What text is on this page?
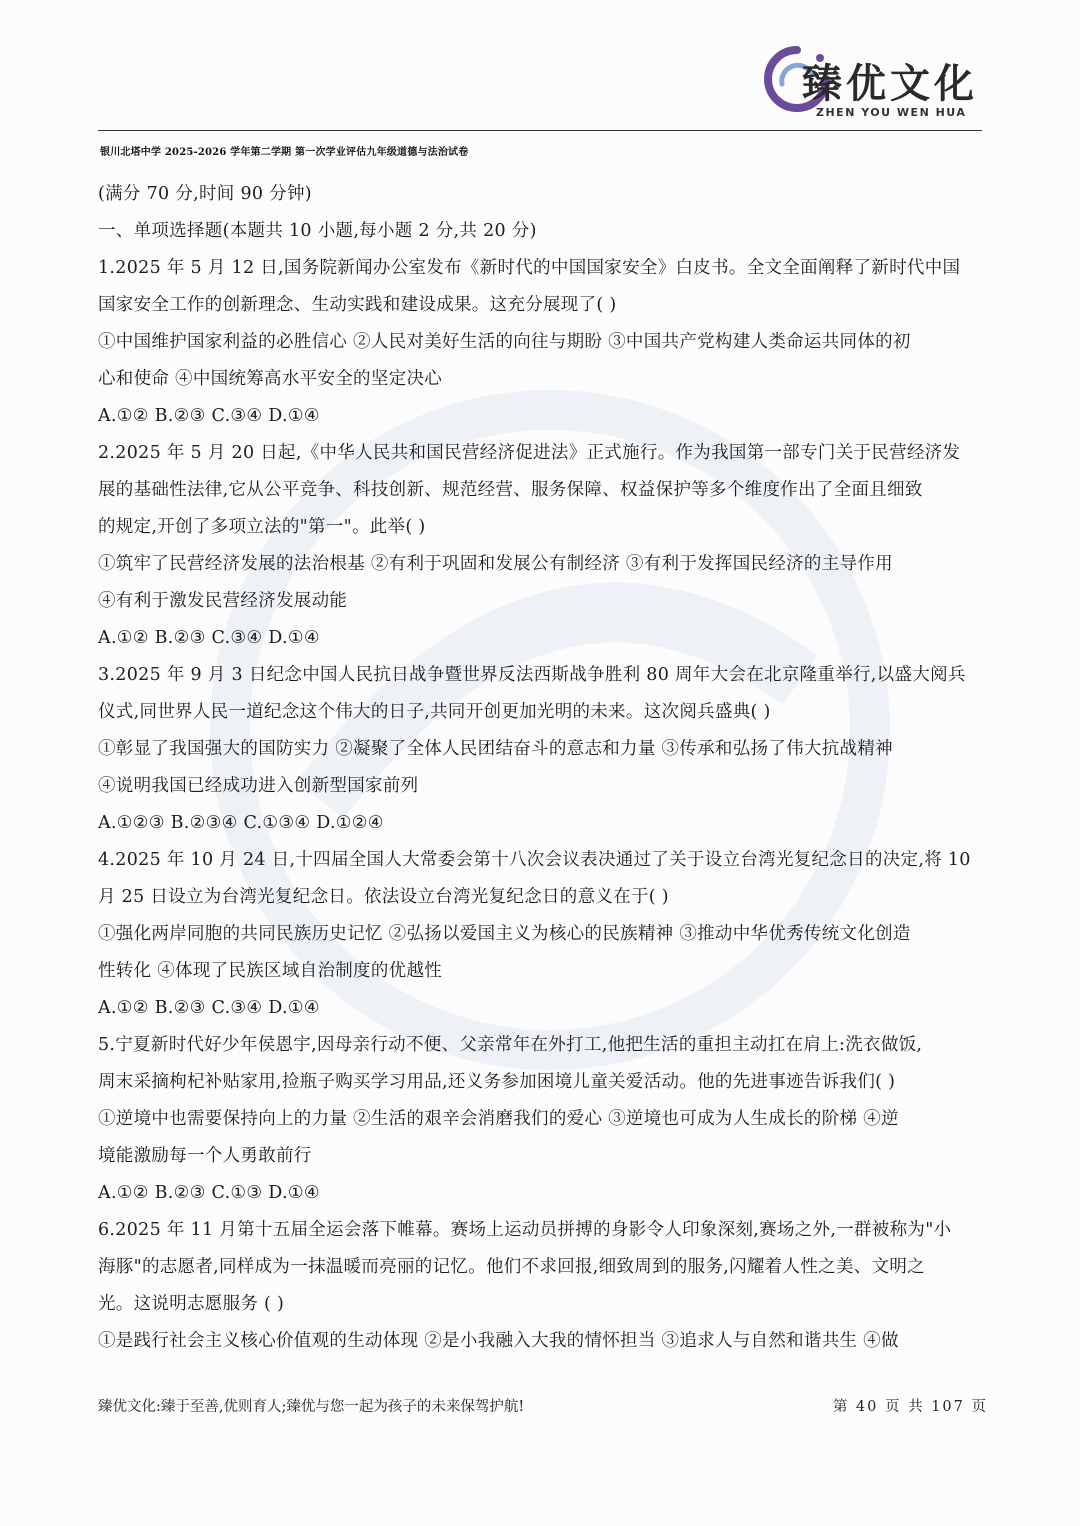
臻优文化
ZHEN YOU WEN HUA
银川北塔中学 2025-2026 学年第二学期 第一次学业评估九年级道德与法治试卷
(满分 70 分,时间 90 分钟)
一、单项选择题(本题共 10 小题,每小题 2 分,共 20 分)
1.2025 年 5 月 12 日,国务院新闻办公室发布《新时代的中国国家安全》白皮书。全文全面阐释了新时代中国
国家安全工作的创新理念、生动实践和建设成果。这充分展现了( )
①中国维护国家利益的必胜信心 ②人民对美好生活的向往与期盼 ③中国共产党构建人类命运共同体的初
心和使命 ④中国统筹高水平安全的坚定决心
A.①② B.②③ C.③④ D.①④
2.2025 年 5 月 20 日起,《中华人民共和国民营经济促进法》正式施行。作为我国第一部专门关于民营经济发
展的基础性法律,它从公平竞争、科技创新、规范经营、服务保障、权益保护等多个维度作出了全面且细致
的规定,开创了多项立法的"第一"。此举( )
①筑牢了民营经济发展的法治根基 ②有利于巩固和发展公有制经济 ③有利于发挥国民经济的主导作用
④有利于激发民营经济发展动能
A.①② B.②③ C.③④ D.①④
3.2025 年 9 月 3 日纪念中国人民抗日战争暨世界反法西斯战争胜利 80 周年大会在北京隆重举行,以盛大阅兵
仪式,同世界人民一道纪念这个伟大的日子,共同开创更加光明的未来。这次阅兵盛典( )
①彰显了我国强大的国防实力 ②凝聚了全体人民团结奋斗的意志和力量 ③传承和弘扬了伟大抗战精神
④说明我国已经成功进入创新型国家前列
A.①②③ B.②③④ C.①③④ D.①②④
4.2025 年 10 月 24 日,十四届全国人大常委会第十八次会议表决通过了关于设立台湾光复纪念日的决定,将 10
月 25 日设立为台湾光复纪念日。依法设立台湾光复纪念日的意义在于( )
①强化两岸同胞的共同民族历史记忆 ②弘扬以爱国主义为核心的民族精神 ③推动中华优秀传统文化创造
性转化 ④体现了民族区域自治制度的优越性
A.①② B.②③ C.③④ D.①④
5.宁夏新时代好少年侯恩宇,因母亲行动不便、父亲常年在外打工,他把生活的重担主动扛在肩上:洗衣做饭,
周末采摘枸杞补贴家用,捡瓶子购买学习用品,还义务参加困境儿童关爱活动。他的先进事迹告诉我们( )
①逆境中也需要保持向上的力量 ②生活的艰辛会消磨我们的爱心 ③逆境也可成为人生成长的阶梯 ④逆
境能激励每一个人勇敢前行
A.①② B.②③ C.①③ D.①④
6.2025 年 11 月第十五届全运会落下帷幕。赛场上运动员拼搏的身影令人印象深刻,赛场之外,一群被称为"小
海豚"的志愿者,同样成为一抹温暖而亮丽的记忆。他们不求回报,细致周到的服务,闪耀着人性之美、文明之
光。这说明志愿服务 ( )
①是践行社会主义核心价值观的生动体现 ②是小我融入大我的情怀担当 ③追求人与自然和谐共生 ④做
臻优文化:臻于至善,优则育人;臻优与您一起为孩子的未来保驾护航!	第 40 页 共 107 页
